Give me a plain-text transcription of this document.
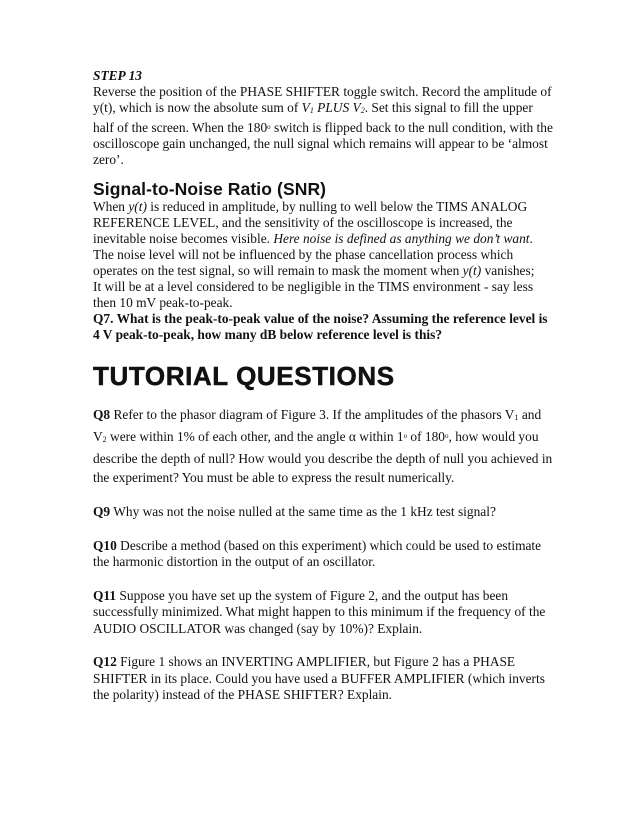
STEP 13
Reverse the position of the PHASE SHIFTER toggle switch. Record the amplitude of y(t), which is now the absolute sum of $V_1$ PLUS $V_2$. Set this signal to fill the upper half of the screen. When the 180$^o$ switch is flipped back to the null condition, with the oscilloscope gain unchanged, the null signal which remains will appear to be ‘almost zero’.
Signal-to-Noise Ratio (SNR)
When y(t) is reduced in amplitude, by nulling to well below the TIMS ANALOG REFERENCE LEVEL, and the sensitivity of the oscilloscope is increased, the inevitable noise becomes visible. Here noise is defined as anything we don’t want. The noise level will not be influenced by the phase cancellation process which operates on the test signal, so will remain to mask the moment when y(t) vanishes;
It will be at a level considered to be negligible in the TIMS environment - say less then 10 mV peak-to-peak.
Q7. What is the peak-to-peak value of the noise? Assuming the reference level is 4 V peak-to-peak, how many dB below reference level is this?
TUTORIAL QUESTIONS
Q8 Refer to the phasor diagram of Figure 3. If the amplitudes of the phasors $V_1$ and $V_2$ were within 1% of each other, and the angle α within 1$^o$ of 180$^o$, how would you describe the depth of null? How would you describe the depth of null you achieved in the experiment? You must be able to express the result numerically.
Q9 Why was not the noise nulled at the same time as the 1 kHz test signal?
Q10 Describe a method (based on this experiment) which could be used to estimate the harmonic distortion in the output of an oscillator.
Q11 Suppose you have set up the system of Figure 2, and the output has been successfully minimized. What might happen to this minimum if the frequency of the AUDIO OSCILLATOR was changed (say by 10%)? Explain.
Q12 Figure 1 shows an INVERTING AMPLIFIER, but Figure 2 has a PHASE SHIFTER in its place. Could you have used a BUFFER AMPLIFIER (which inverts the polarity) instead of the PHASE SHIFTER? Explain.
